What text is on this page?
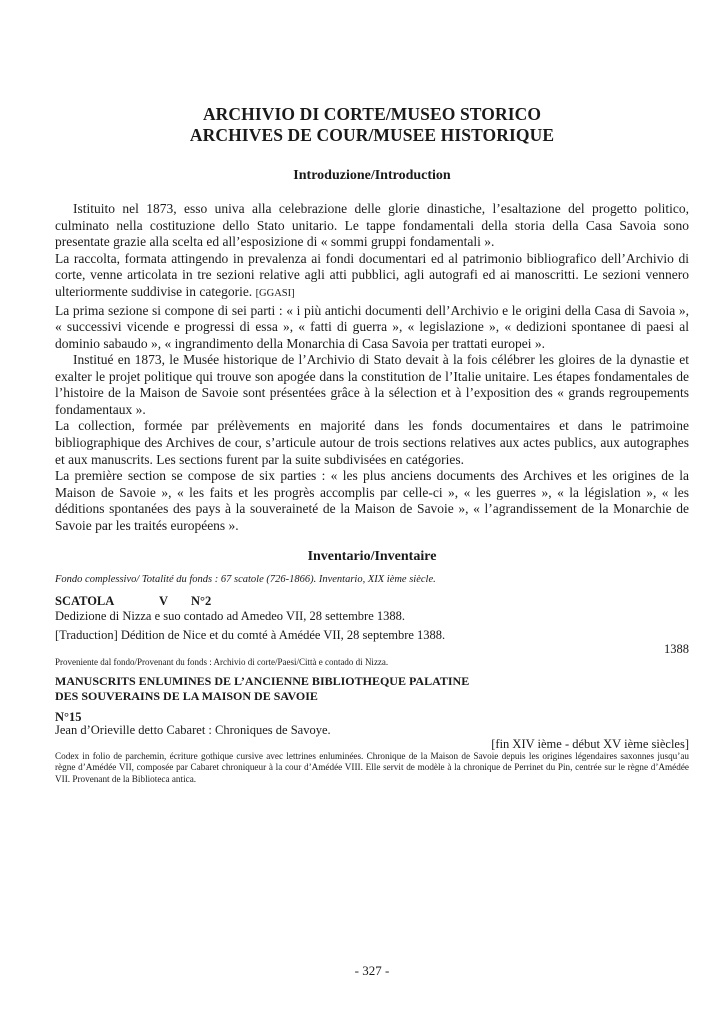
ARCHIVIO DI CORTE/MUSEO STORICO
ARCHIVES DE COUR/MUSEE HISTORIQUE
Introduzione/Introduction

Istituito nel 1873, esso univa alla celebrazione delle glorie dinastiche, l’esaltazione del progetto politico, culminato nella costituzione dello Stato unitario. Le tappe fondamentali della storia della Casa Savoia sono presentate grazie alla scelta ed all’esposizione di « sommi gruppi fondamentali ».

La raccolta, formata attingendo in prevalenza ai fondi documentari ed al patrimonio bibliografico dell’Archivio di corte, venne articolata in tre sezioni relative agli atti pubblici, agli autografi ed ai manoscritti. Le sezioni vennero ulteriormente suddivise in categorie. [GGASI]

La prima sezione si compone di sei parti : « i più antichi documenti dell’Archivio e le origini della Casa di Savoia », « successivi vicende e progressi di essa », « fatti di guerra », « legislazione », « dedizioni spontanee di paesi al dominio sabaudo », « ingrandimento della Monarchia di Casa Savoia per trattati europei ».

Institué en 1873, le Musée historique de l’Archivio di Stato devait à la fois célébrer les gloires de la dynastie et exalter le projet politique qui trouve son apogée dans la constitution de l’Italie unitaire. Les étapes fondamentales de l’histoire de la Maison de Savoie sont présentées grâce à la sélection et à l’exposition des « grands regroupements fondamentaux ».

La collection, formée par prélèvements en majorité dans les fonds documentaires et dans le patrimoine bibliographique des Archives de cour, s’articule autour de trois sections relatives aux actes publics, aux autographes et aux manuscrits. Les sections furent par la suite subdivisées en catégories.

La première section se compose de six parties : « les plus anciens documents des Archives et les origines de la Maison de Savoie », « les faits et les progrès accomplis par celle-ci », « les guerres », « la législation », « les déditions spontanées des pays à la souveraineté de la Maison de Savoie », « l’agrandissement de la Monarchie de Savoie par les traités européens ».

Inventario/Inventaire
Fondo complessivo/ Totalité du fonds : 67 scatole (726-1866). Inventario, XIX ième siècle.
SCATOLA	V N°2
Dedizione di Nizza e suo contado ad Amedeo VII, 28 settembre 1388.
[Traduction] Dédition de Nice et du comté à Amédée VII, 28 septembre 1388.
1388
Proveniente dal fondo/Provenant du fonds : Archivio di corte/Paesi/Città e contado di Nizza.
MANUSCRITS ENLUMINES DE L’ANCIENNE BIBLIOTHEQUE PALATINE
DES SOUVERAINS DE LA MAISON DE SAVOIE
N°15
Jean d’Orieville detto Cabaret : Chroniques de Savoye.
[fin XIV ième - début XV ième siècles]
Codex in folio de parchemin, écriture gothique cursive avec lettrines enluminées. Chronique de la Maison de Savoie depuis les origines légendaires saxonnes jusqu’au règne d’Amédée VII, composée par Cabaret chroniqueur à la cour d’Amédée VIII. Elle servit de modèle à la chronique de Perrinet du Pin, centrée sur le règne d’Amédée VII. Provenant de la Biblioteca antica.
- 327 -
